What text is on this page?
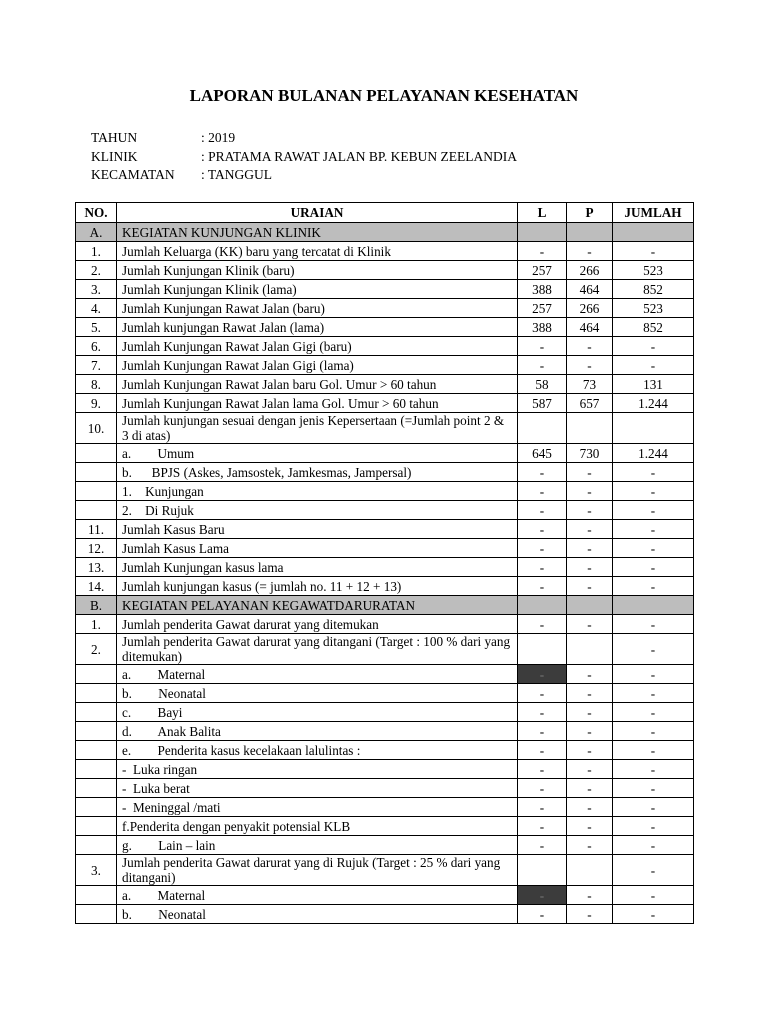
LAPORAN BULANAN PELAYANAN KESEHATAN
TAHUN	: 2019
KLINIK	: PRATAMA RAWAT JALAN BP. KEBUN ZEELANDIA
KECAMATAN : TANGGUL
NO.	URAIAN	L	P	JUMLAH
A.	KEGIATAN KUNJUNGAN KLINIK			
1.	Jumlah Keluarga (KK) baru yang tercatat di Klinik	-	-	-
2.	Jumlah Kunjungan Klinik (baru)	257	266	523
3.	Jumlah Kunjungan Klinik (lama)	388	464	852
4.	Jumlah Kunjungan Rawat Jalan (baru)	257	266	523
5.	Jumlah kunjungan Rawat Jalan (lama)	388	464	852
6.	Jumlah Kunjungan Rawat Jalan Gigi (baru)	-	-	-
7.	Jumlah Kunjungan Rawat Jalan Gigi (lama)	-	-	-
8.	Jumlah Kunjungan Rawat Jalan baru Gol. Umur > 60 tahun	58	73	131
9.	Jumlah Kunjungan Rawat Jalan lama Gol. Umur > 60 tahun	587	657	1.244
10.	Jumlah kunjungan sesuai dengan jenis Kepersertaan (=Jumlah point 2 & 3 di atas)			
	a.        Umum	645	730	1.244
	b.      BPJS (Askes, Jamsostek, Jamkesmas, Jampersal)	-	-	-
	1.    Kunjungan	-	-	-
	2.    Di Rujuk	-	-	-
11.	Jumlah Kasus Baru	-	-	-
12.	Jumlah Kasus Lama	-	-	-
13.	Jumlah Kunjungan kasus lama	-	-	-
14.	Jumlah kunjungan kasus (= jumlah no. 11 + 12 + 13)	-	-	-
B.	KEGIATAN PELAYANAN KEGAWATDARURATAN			
1.	Jumlah penderita Gawat darurat yang ditemukan	-	-	-
2.	Jumlah penderita Gawat darurat yang ditangani (Target : 100 % dari yang ditemukan)			-
	a.        Maternal	-	-	-
	b.        Neonatal	-	-	-
	c.        Bayi	-	-	-
	d.        Anak Balita	-	-	-
	e.        Penderita kasus kecelakaan lalulintas :	-	-	-
	-  Luka ringan	-	-	-
	-  Luka berat	-	-	-
	-  Meninggal /mati	-	-	-
	f.Penderita dengan penyakit potensial KLB	-	-	-
	g.        Lain – lain	-	-	-
3.	Jumlah penderita Gawat darurat yang di Rujuk (Target : 25 % dari yang ditangani)			-
	a.        Maternal	-	-	-
	b.        Neonatal	-	-	-
